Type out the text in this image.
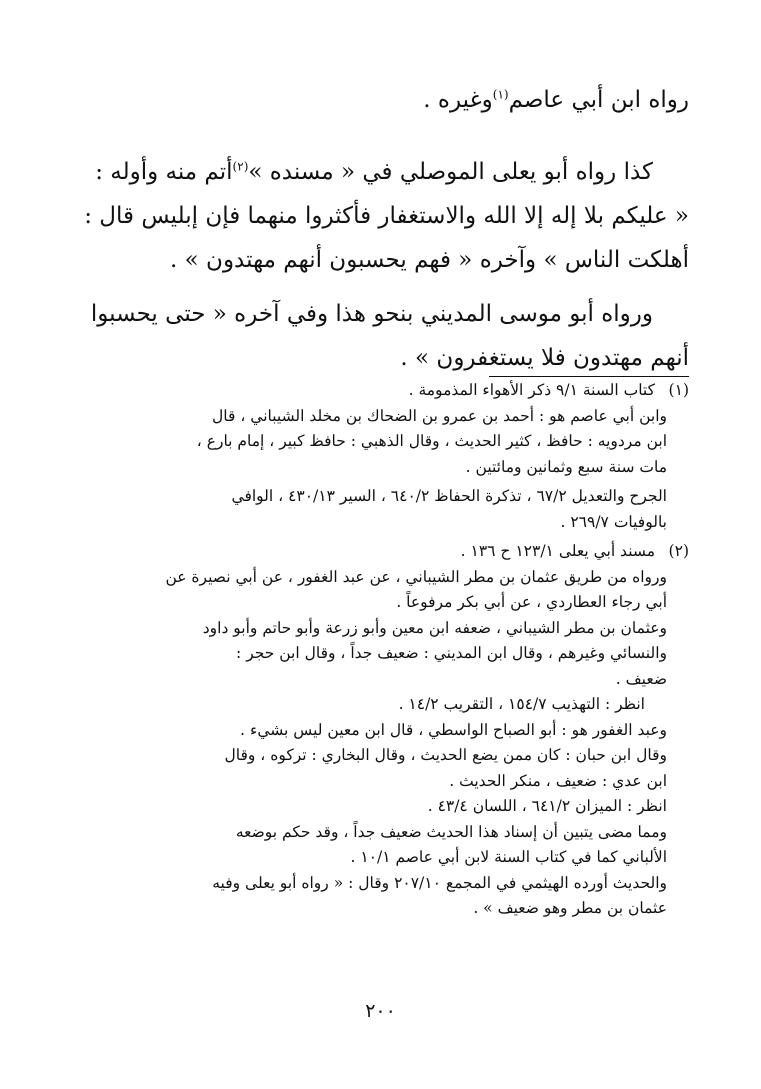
رواه ابن أبي عاصم$^{(١)}$وغيره .

كذا رواه أبو يعلى الموصلي في « مسنده »$^{(٢)}$أتم منه وأوله :

« عليكم بلا إله إلا الله والاستغفار فأكثروا منهما فإن إبليس قال :

أهلكت الناس » وآخره « فهم يحسبون أنهم مهتدون » .

ورواه أبو موسى المديني بنحو هذا وفي آخره « حتى يحسبوا

أنهم مهتدون فلا يستغفرون » .

(١)
كتاب السنة ٩/١ ذكر الأهواء المذمومة .
وابن أبي عاصم هو : أحمد بن عمرو بن الضحاك بن مخلد الشيباني ، قال
ابن مردويه : حافظ ، كثير الحديث ، وقال الذهبي : حافظ كبير ، إمام بارع ،
مات سنة سبع وثمانين ومائتين .
الجرح والتعديل ٦٧/٢ ، تذكرة الحفاظ ٦٤٠/٢ ، السير ٤٣٠/١٣ ، الوافي
بالوفيات ٢٦٩/٧ .
(٢)
مسند أبي يعلى ١٢٣/١ ح ١٣٦ .
ورواه من طريق عثمان بن مطر الشيباني ، عن عبد الغفور ، عن أبي نصيرة عن
أبي رجاء العطاردي ، عن أبي بكر مرفوعاً .
وعثمان بن مطر الشيباني ، ضعفه ابن معين وأبو زرعة وأبو حاتم وأبو داود
والنسائي وغيرهم ، وقال ابن المديني : ضعيف جداً ، وقال ابن حجر :
ضعيف .
انظر : التهذيب ١٥٤/٧ ، التقريب ١٤/٢ .
وعبد الغفور هو : أبو الصباح الواسطي ، قال ابن معين ليس بشيء .
وقال ابن حبان : كان ممن يضع الحديث ، وقال البخاري : تركوه ، وقال
ابن عدي : ضعيف ، منكر الحديث .
انظر : الميزان ٦٤١/٢ ، اللسان ٤٣/٤ .
ومما مضى يتبين أن إسناد هذا الحديث ضعيف جداً ، وقد حكم بوضعه
الألباني كما في كتاب السنة لابن أبي عاصم ١٠/١ .
والحديث أورده الهيثمي في المجمع ٢٠٧/١٠ وقال : « رواه أبو يعلى وفيه
عثمان بن مطر وهو ضعيف » .
٢٠٠
